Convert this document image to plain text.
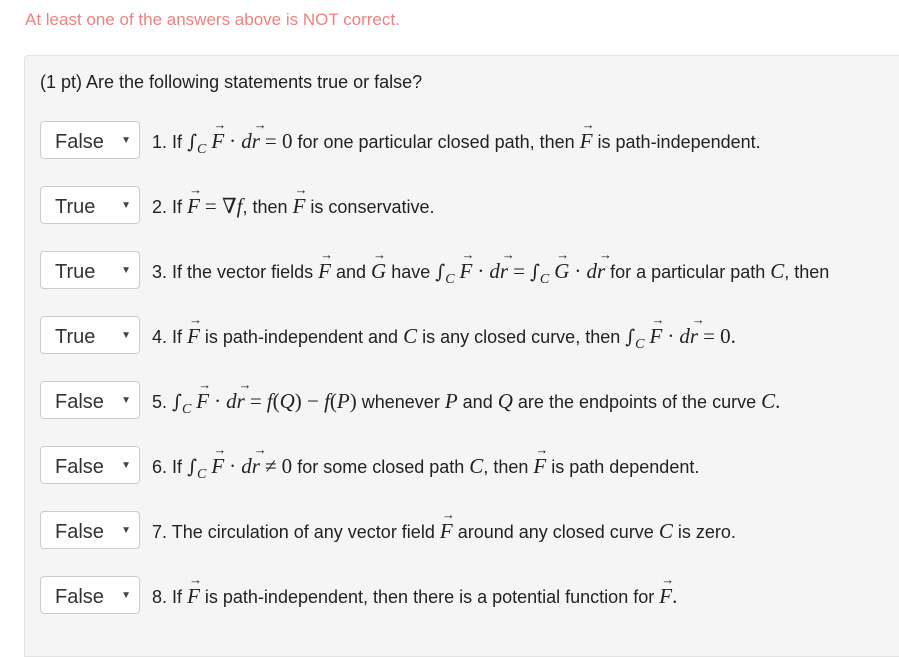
At least one of the answers above is NOT correct.
(1 pt) Are the following statements true or false?
False ▼ 1. If $\int_C \to F \cdot d\to r = 0$ for one particular closed path, then → F is path-independent.
True	▼ 2. If → F = ∇f, then → F is conservative.
True	▼ 3. If the vector fields → F and → G have $\int_C \to F \cdot d\to r = \int_C \to G \cdot d\to r$ for a particular path C, then
True	▼ 4. If → F is path-independent and C is any closed curve, then $\int_C \to F \cdot d\to r = 0$.
False ▼ 5. $\int_C \to F \cdot d\to r = f(Q) - f(P)$ whenever P and Q are the endpoints of the curve C.
False ▼ 6. If $\int_C \to F \cdot d\to r \ne 0$ for some closed path C, then → F is path dependent.
False ▼ 7. The circulation of any vector field → F around any closed curve C is zero.
False ▼ 8. If → F is path-independent, then there is a potential function for → F.
